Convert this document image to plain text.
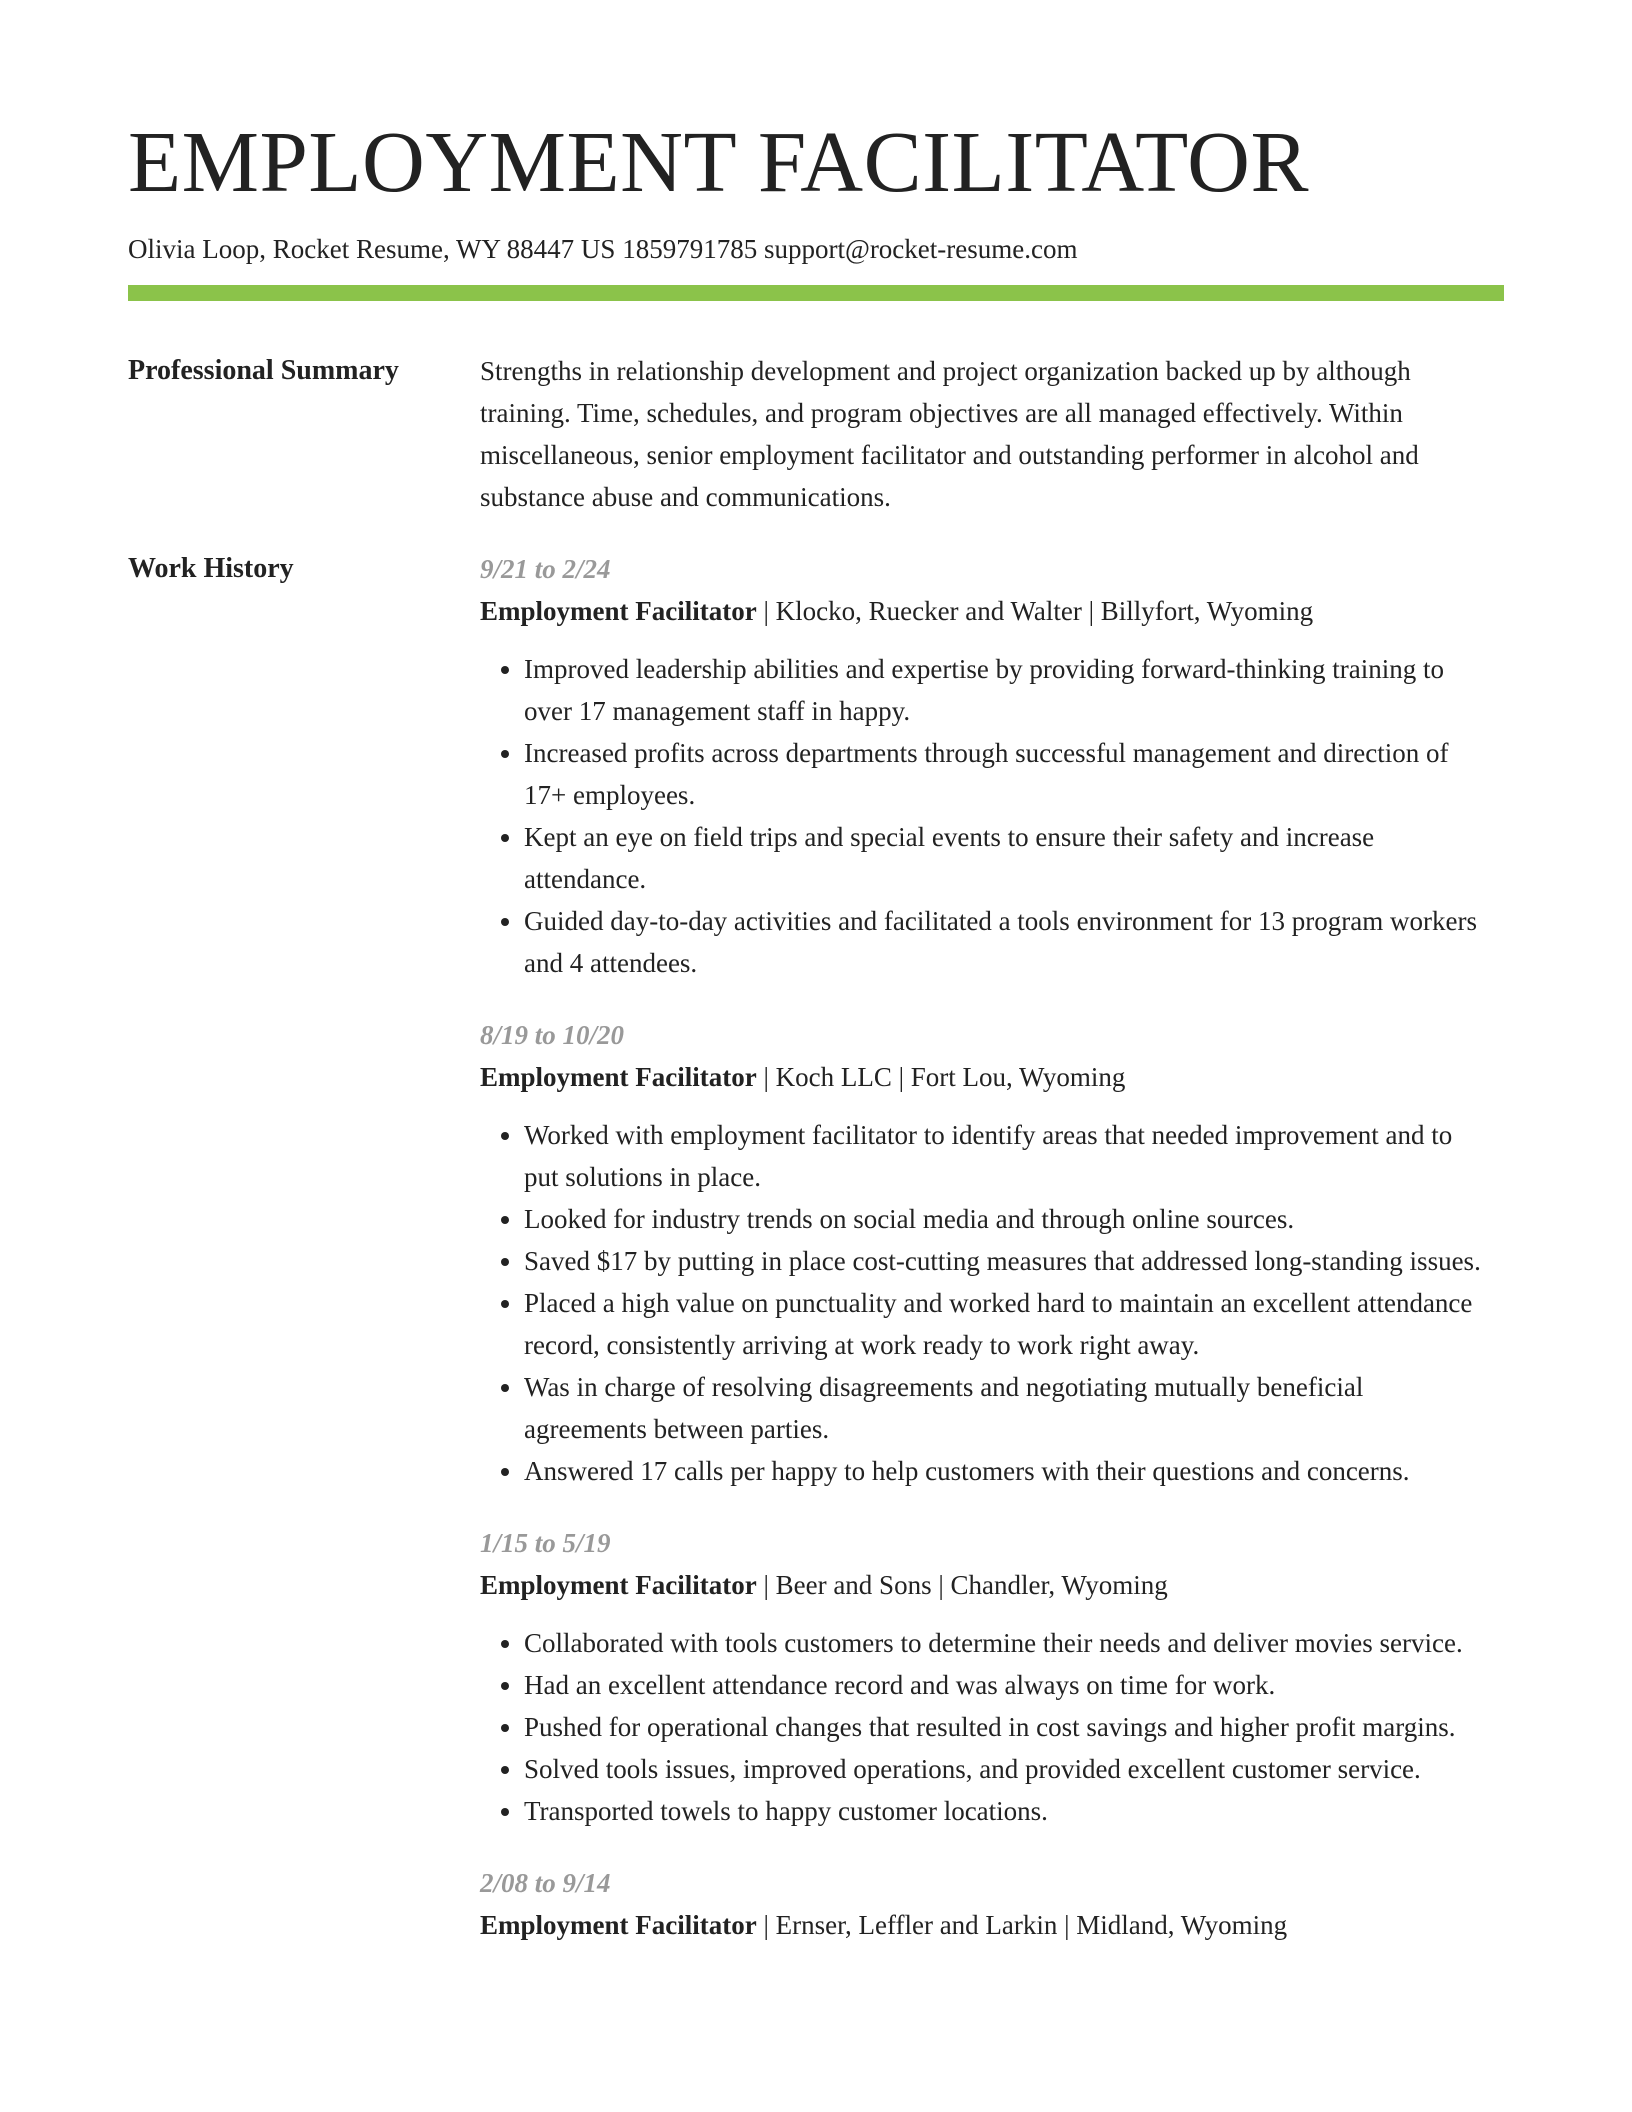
EMPLOYMENT FACILITATOR
Olivia Loop, Rocket Resume, WY 88447 US 1859791785 support@rocket-resume.com
Professional Summary	Strengths in relationship development and project organization backed up by although training. Time, schedules, and program objectives are all managed effectively. Within miscellaneous, senior employment facilitator and outstanding performer in alcohol and substance abuse and communications.
Work History	9/21 to 2/24
Employment Facilitator | Klocko, Ruecker and Walter | Billyfort, Wyoming
• Improved leadership abilities and expertise by providing forward-thinking training to over 17 management staff in happy.
• Increased profits across departments through successful management and direction of 17+ employees.
• Kept an eye on field trips and special events to ensure their safety and increase attendance.
• Guided day-to-day activities and facilitated a tools environment for 13 program workers and 4 attendees.
8/19 to 10/20
Employment Facilitator | Koch LLC | Fort Lou, Wyoming
• Worked with employment facilitator to identify areas that needed improvement and to put solutions in place.
• Looked for industry trends on social media and through online sources.
• Saved $17 by putting in place cost-cutting measures that addressed long-standing issues.
• Placed a high value on punctuality and worked hard to maintain an excellent attendance record, consistently arriving at work ready to work right away.
• Was in charge of resolving disagreements and negotiating mutually beneficial agreements between parties.
• Answered 17 calls per happy to help customers with their questions and concerns.
1/15 to 5/19
Employment Facilitator | Beer and Sons | Chandler, Wyoming
• Collaborated with tools customers to determine their needs and deliver movies service.
• Had an excellent attendance record and was always on time for work.
• Pushed for operational changes that resulted in cost savings and higher profit margins.
• Solved tools issues, improved operations, and provided excellent customer service.
• Transported towels to happy customer locations.
2/08 to 9/14
Employment Facilitator | Ernser, Leffler and Larkin | Midland, Wyoming
